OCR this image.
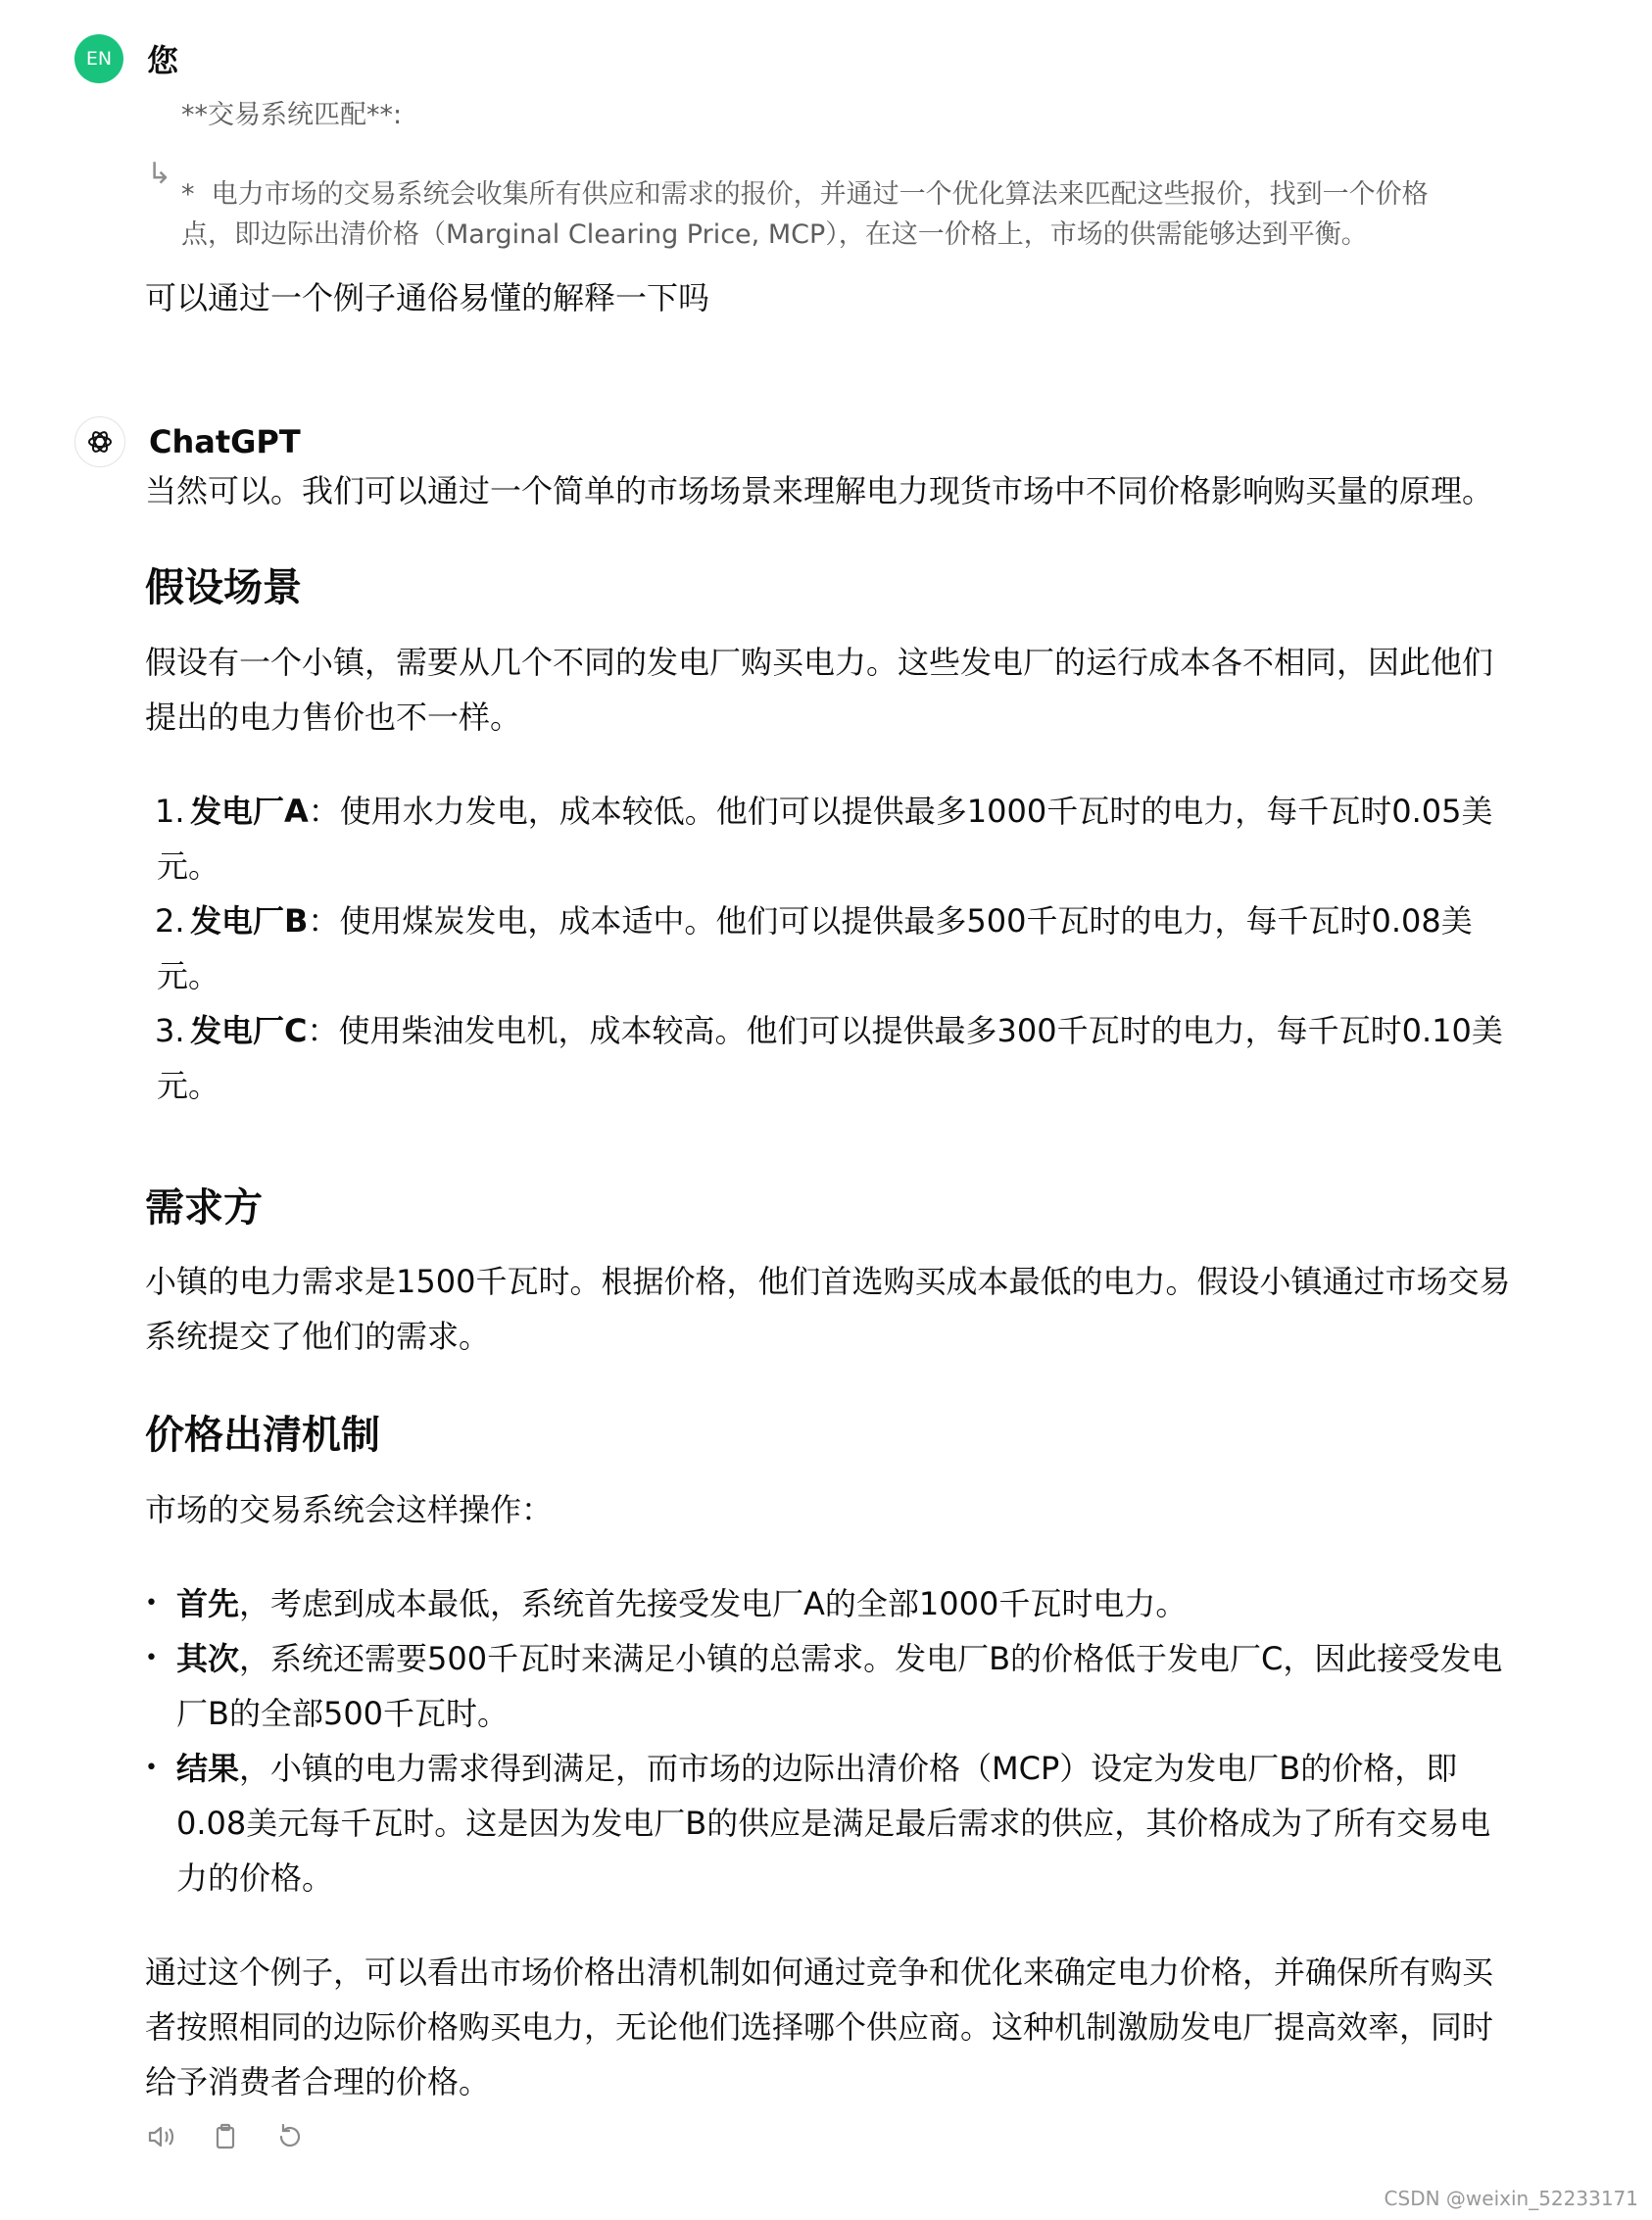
EN	您
**交易系统匹配**:
↳
* 电力市场的交易系统会收集所有供应和需求的报价，并通过一个优化算法来匹配这些报价，找到一个价格
点，即边际出清价格（Marginal Clearing Price, MCP），在这一价格上，市场的供需能够达到平衡。
可以通过一个例子通俗易懂的解释一下吗
ChatGPT
当然可以。我们可以通过一个简单的市场场景来理解电力现货市场中不同价格影响购买量的原理。
假设场景
假设有一个小镇，需要从几个不同的发电厂购买电力。这些发电厂的运行成本各不相同，因此他们
提出的电力售价也不一样。
1. 发电厂A：使用水力发电，成本较低。他们可以提供最多1000千瓦时的电力，每千瓦时0.05美
元。
2. 发电厂B：使用煤炭发电，成本适中。他们可以提供最多500千瓦时的电力，每千瓦时0.08美
元。
3. 发电厂C：使用柴油发电机，成本较高。他们可以提供最多300千瓦时的电力，每千瓦时0.10美
元。
需求方
小镇的电力需求是1500千瓦时。根据价格，他们首选购买成本最低的电力。假设小镇通过市场交易
系统提交了他们的需求。
价格出清机制
市场的交易系统会这样操作：
• 首先，考虑到成本最低，系统首先接受发电厂A的全部1000千瓦时电力。
• 其次，系统还需要500千瓦时来满足小镇的总需求。发电厂B的价格低于发电厂C，因此接受发电
厂B的全部500千瓦时。
• 结果，小镇的电力需求得到满足，而市场的边际出清价格（MCP）设定为发电厂B的价格，即
0.08美元每千瓦时。这是因为发电厂B的供应是满足最后需求的供应，其价格成为了所有交易电
力的价格。
通过这个例子，可以看出市场价格出清机制如何通过竞争和优化来确定电力价格，并确保所有购买
者按照相同的边际价格购买电力，无论他们选择哪个供应商。这种机制激励发电厂提高效率，同时
给予消费者合理的价格。
CSDN @weixin_52233171
